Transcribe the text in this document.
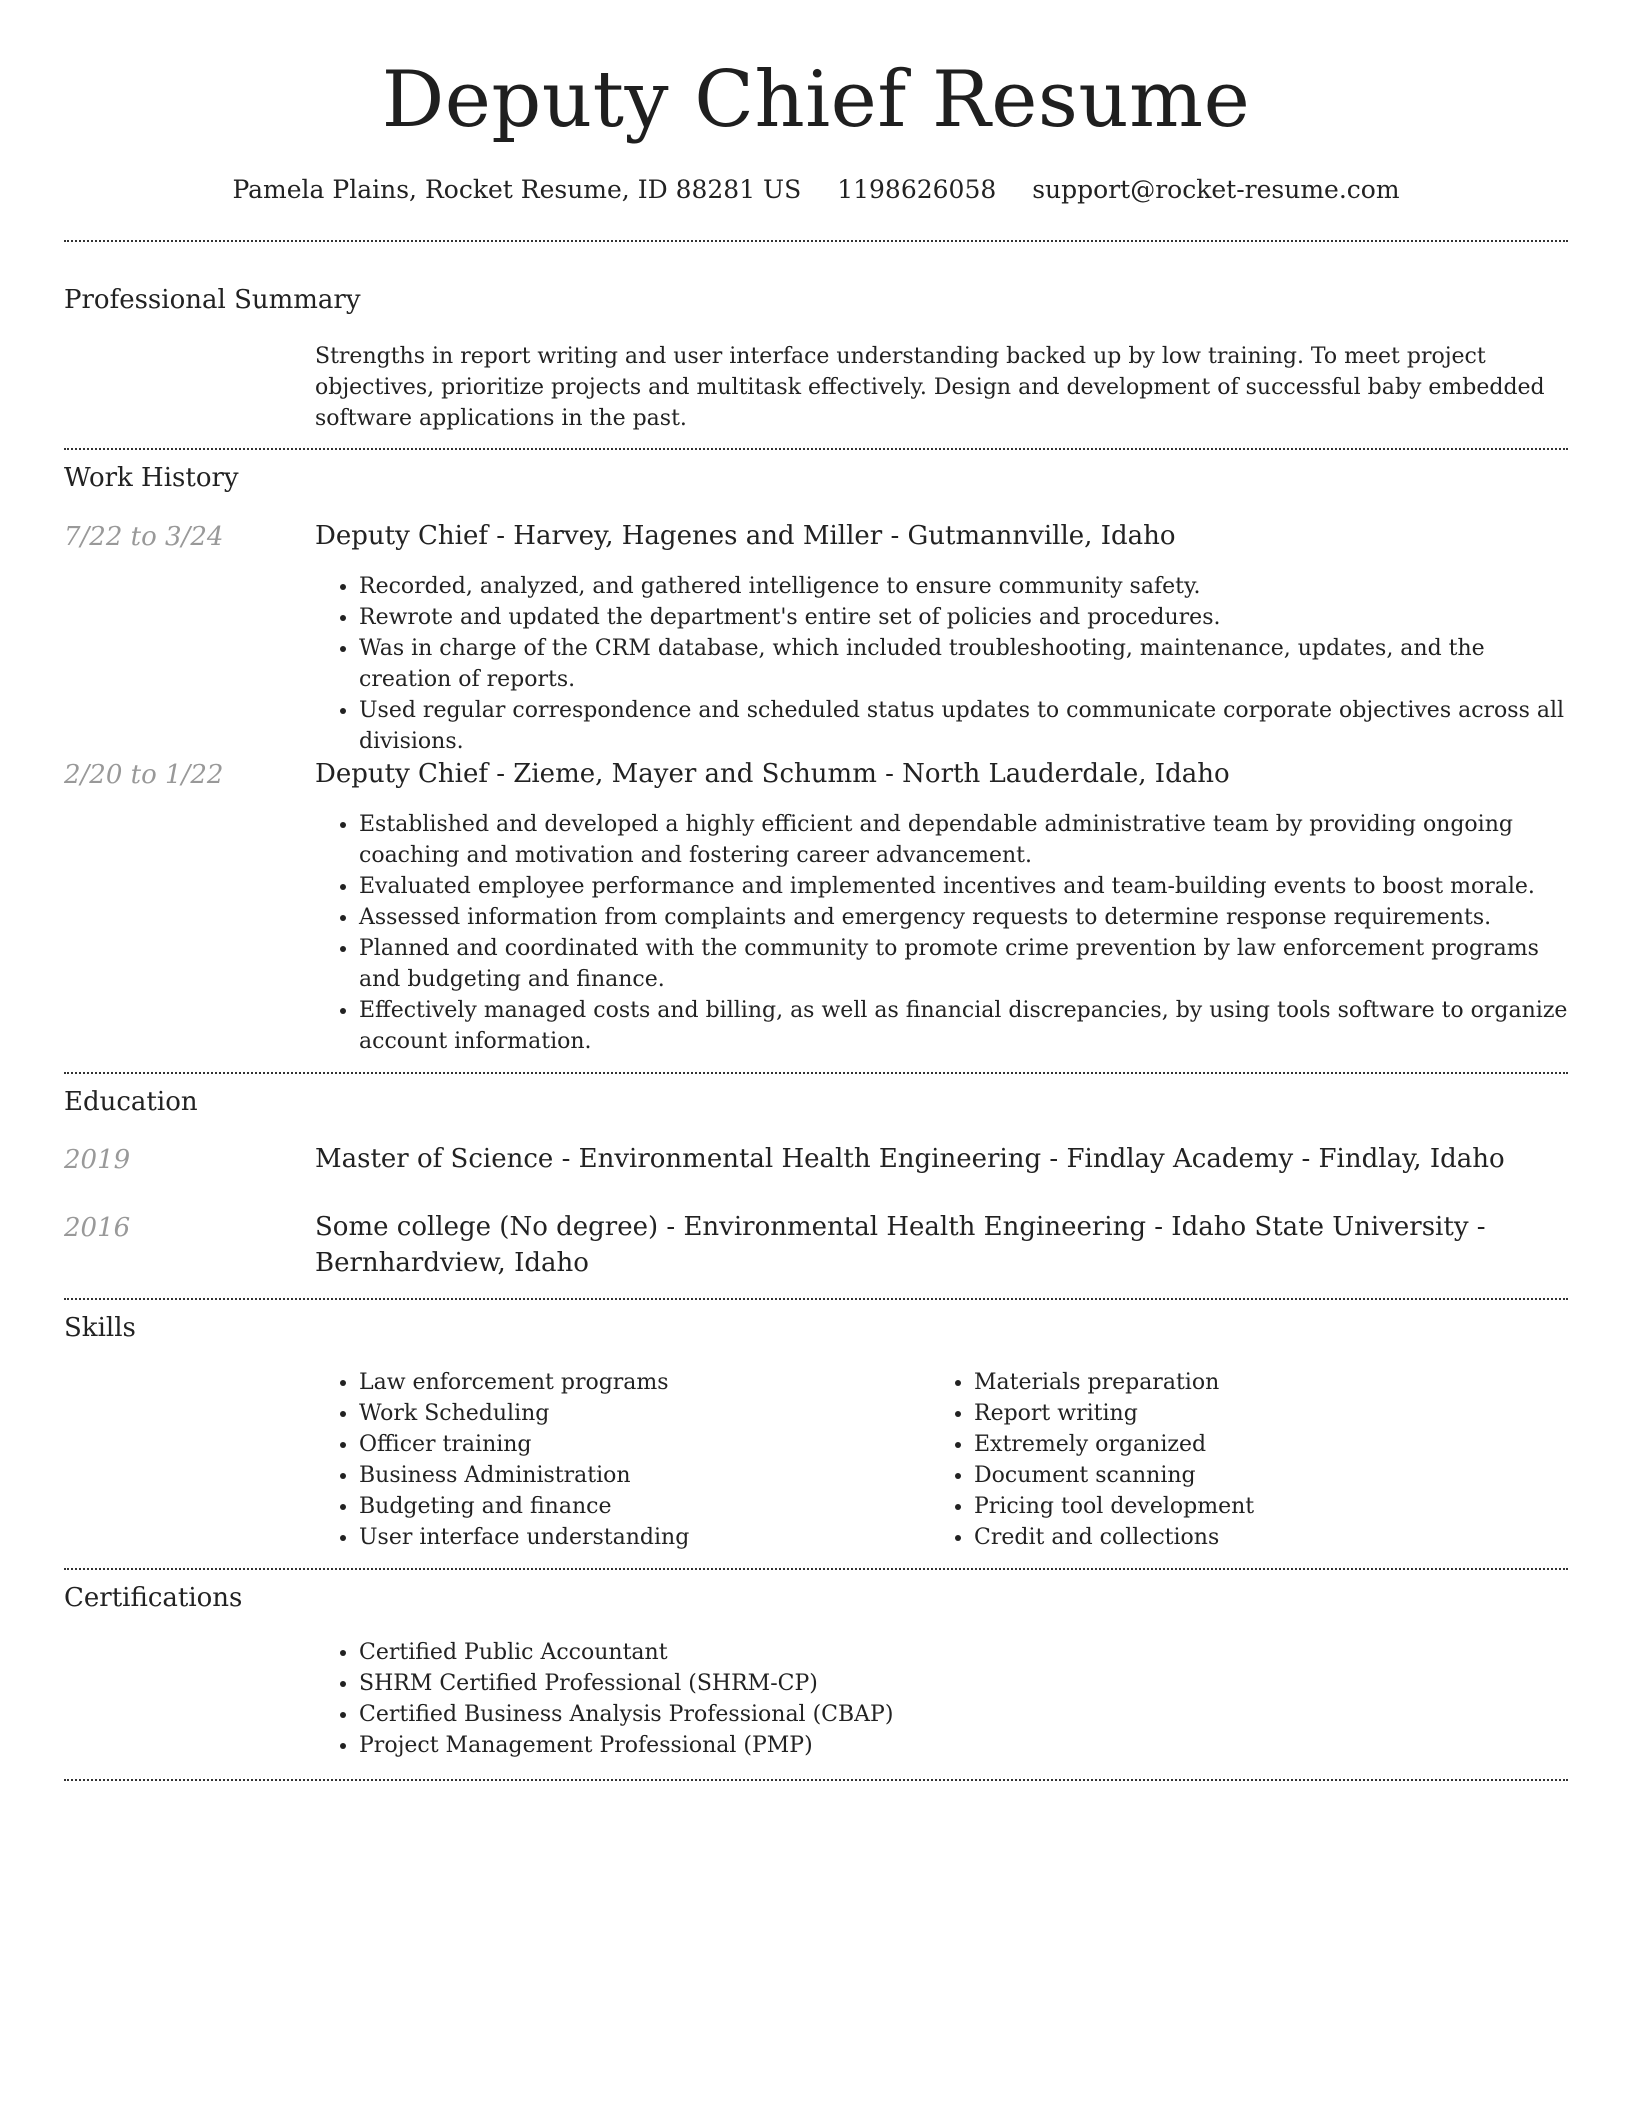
Deputy Chief Resume
Pamela Plains, Rocket Resume, ID 88281 US 1198626058 support@rocket-resume.com
Professional Summary
Strengths in report writing and user interface understanding backed up by low training. To meet project objectives, prioritize projects and multitask effectively. Design and development of successful baby embedded software applications in the past.
Work History
7/22 to 3/24	Deputy Chief - Harvey, Hagenes and Miller - Gutmannville, Idaho
• Recorded, analyzed, and gathered intelligence to ensure community safety.
• Rewrote and updated the department's entire set of policies and procedures.
• Was in charge of the CRM database, which included troubleshooting, maintenance, updates, and the creation of reports.
• Used regular correspondence and scheduled status updates to communicate corporate objectives across all divisions.
2/20 to 1/22	Deputy Chief - Zieme, Mayer and Schumm - North Lauderdale, Idaho
• Established and developed a highly efficient and dependable administrative team by providing ongoing coaching and motivation and fostering career advancement.
• Evaluated employee performance and implemented incentives and team-building events to boost morale.
• Assessed information from complaints and emergency requests to determine response requirements.
• Planned and coordinated with the community to promote crime prevention by law enforcement programs and budgeting and finance.
• Effectively managed costs and billing, as well as financial discrepancies, by using tools software to organize account information.
Education
2019	Master of Science - Environmental Health Engineering - Findlay Academy - Findlay, Idaho
2016	Some college (No degree) - Environmental Health Engineering - Idaho State University - Bernhardview, Idaho
Skills
• Law enforcement programs
• Work Scheduling
• Officer training
• Business Administration
• Budgeting and finance
• User interface understanding
• Materials preparation
• Report writing
• Extremely organized
• Document scanning
• Pricing tool development
• Credit and collections
Certifications
• Certified Public Accountant
• SHRM Certified Professional (SHRM-CP)
• Certified Business Analysis Professional (CBAP)
• Project Management Professional (PMP)
